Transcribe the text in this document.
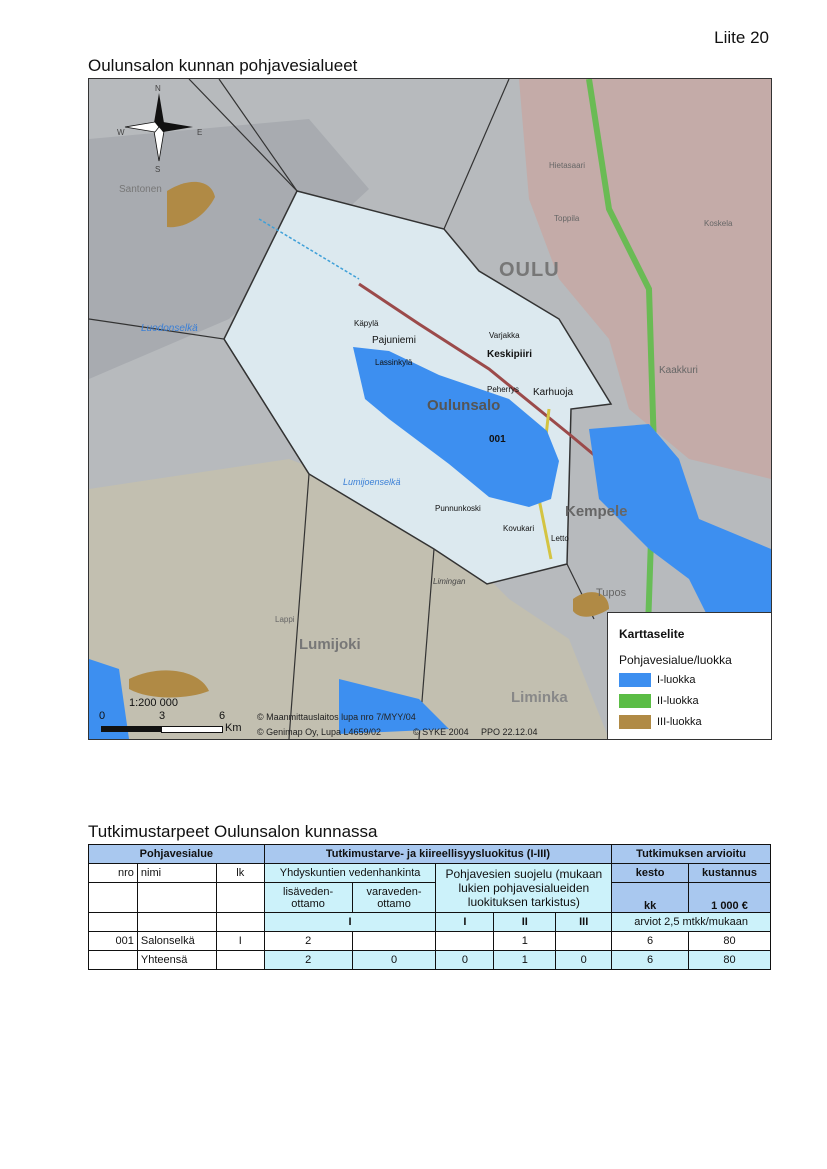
Liite 20
Oulunsalon kunnan pohjavesialueet
N
S
E
W
OULU
Oulunsalo
Kempele
Liminka
Lumijoki
Tupos
Limingan
Keskipiiri
Pajuniemi
Karhuoja
Varjakka
Käpylä
Lassinkylä
Peherrys
Punnunkoski
Kovukari
Letto
Santonen
Hietasaari
Toppila
Koskela
Kaakkuri
Lappi
Luodonselkä
Lumijoenselkä
001
1:200 000
0	3	6
Km
© Maanmittauslaitos lupa nro 7/MYY/04
© Genimap Oy, Lupa L4659/02	© SYKE 2004 PPO 22.12.04
Karttaselite
Pohjavesialue/luokka
I-luokka
II-luokka
III-luokka
Tutkimustarpeet Oulunsalon kunnassa
Pohjavesialue			Tutkimustarve- ja kiireellisyysluokitus (I-III)					Tutkimuksen arvioitu	
nro	nimi	lk	Yhdyskuntien vedenhankinta		Pohjavesien suojelu (mukaan lukien pohjavesialueiden luokituksen tarkistus)			kesto	kustannus
			lisäveden-ottamo	varaveden-ottamo				kk	1 000 €
			I		I	II	III	arviot 2,5 mtkk/mukaan	
001	Salonselkä	I	2			1		6	80
	Yhteensä		2	0	0	1	0	6	80
